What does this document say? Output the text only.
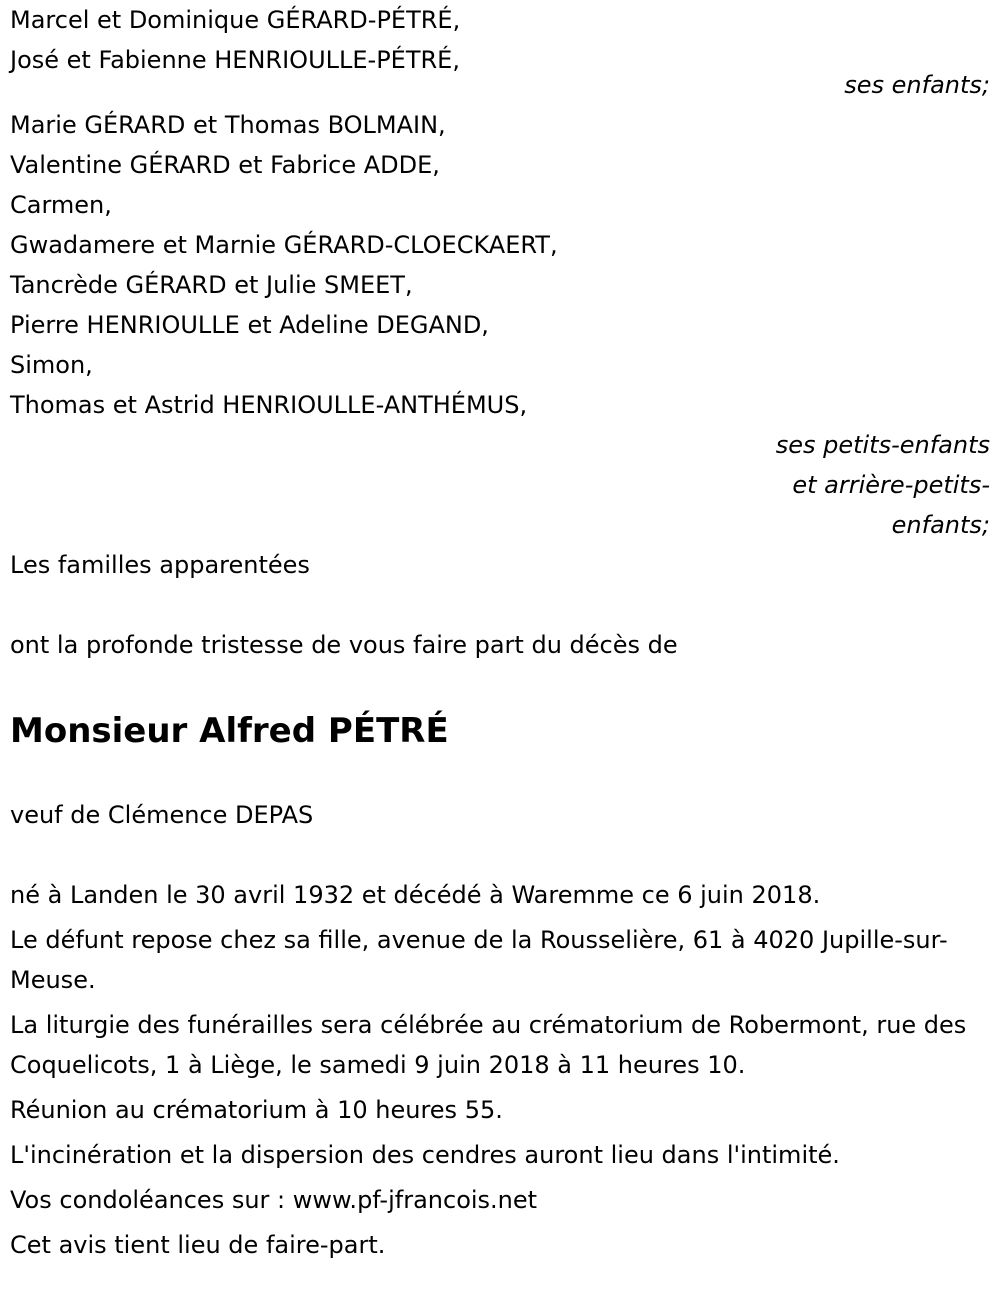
Marcel et Dominique GÉRARD-PÉTRÉ,
José et Fabienne HENRIOULLE-PÉTRÉ,
ses enfants;
Marie GÉRARD et Thomas BOLMAIN,
Valentine GÉRARD et Fabrice ADDE,
Carmen,
Gwadamere et Marnie GÉRARD-CLOECKAERT,
Tancrède GÉRARD et Julie SMEET,
Pierre HENRIOULLE et Adeline DEGAND,
Simon,
Thomas et Astrid HENRIOULLE-ANTHÉMUS,
ses petits-enfants
et arrière-petits-
enfants;
Les familles apparentées
ont la profonde tristesse de vous faire part du décès de
Monsieur Alfred PÉTRÉ
veuf de Clémence DEPAS
né à Landen le 30 avril 1932 et décédé à Waremme ce 6 juin 2018.
Le défunt repose chez sa fille, avenue de la Rousselière, 61 à 4020 Jupille-sur-Meuse.
La liturgie des funérailles sera célébrée au crématorium de Robermont, rue des Coquelicots, 1 à Liège, le samedi 9 juin 2018 à 11 heures 10.
Réunion au crématorium à 10 heures 55.
L'incinération et la dispersion des cendres auront lieu dans l'intimité.
Vos condoléances sur : www.pf-jfrancois.net
Cet avis tient lieu de faire-part.
